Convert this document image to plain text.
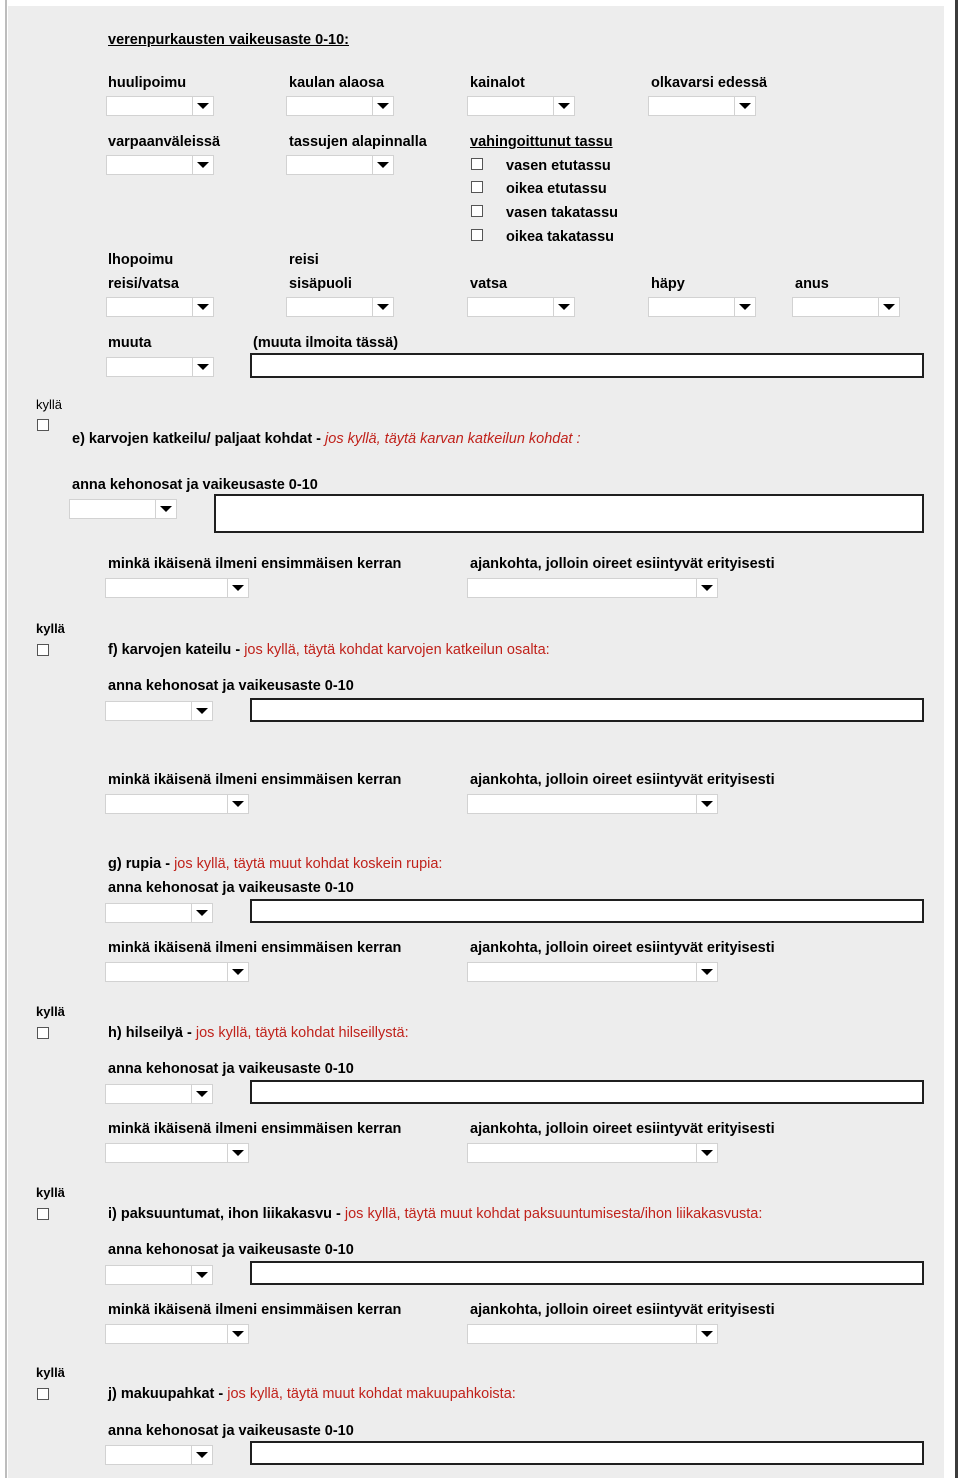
verenpurkausten vaikeusaste 0-10:
huulipoimu	kaulan alaosa	kainalot	olkavarsi edessä
varpaanväleissä	tassujen alapinnalla	vahingoittunut tassu
vasen etutassu
oikea etutassu
vasen takatassu
oikea takatassu
lhopoimu	reisi
reisi/vatsa	sisäpuoli	vatsa	häpy	anus
muuta	(muuta ilmoita tässä)
kyllä
e) karvojen katkeilu/ paljaat kohdat - jos kyllä, täytä karvan katkeilun kohdat :
anna kehonosat ja vaikeusaste 0-10
minkä ikäisenä ilmeni ensimmäisen kerran	ajankohta, jolloin oireet esiintyvät erityisesti
kyllä
f) karvojen kateilu - jos kyllä, täytä kohdat karvojen katkeilun osalta:
anna kehonosat ja vaikeusaste 0-10
minkä ikäisenä ilmeni ensimmäisen kerran	ajankohta, jolloin oireet esiintyvät erityisesti
g) rupia - jos kyllä, täytä muut kohdat koskein rupia:
anna kehonosat ja vaikeusaste 0-10
minkä ikäisenä ilmeni ensimmäisen kerran	ajankohta, jolloin oireet esiintyvät erityisesti
kyllä
h) hilseilyä - jos kyllä, täytä kohdat hilseillystä:
anna kehonosat ja vaikeusaste 0-10
minkä ikäisenä ilmeni ensimmäisen kerran	ajankohta, jolloin oireet esiintyvät erityisesti
kyllä
i) paksuuntumat, ihon liikakasvu - jos kyllä, täytä muut kohdat paksuuntumisesta/ihon liikakasvusta:
anna kehonosat ja vaikeusaste 0-10
minkä ikäisenä ilmeni ensimmäisen kerran	ajankohta, jolloin oireet esiintyvät erityisesti
kyllä
j) makuupahkat - jos kyllä, täytä muut kohdat makuupahkoista:
anna kehonosat ja vaikeusaste 0-10
